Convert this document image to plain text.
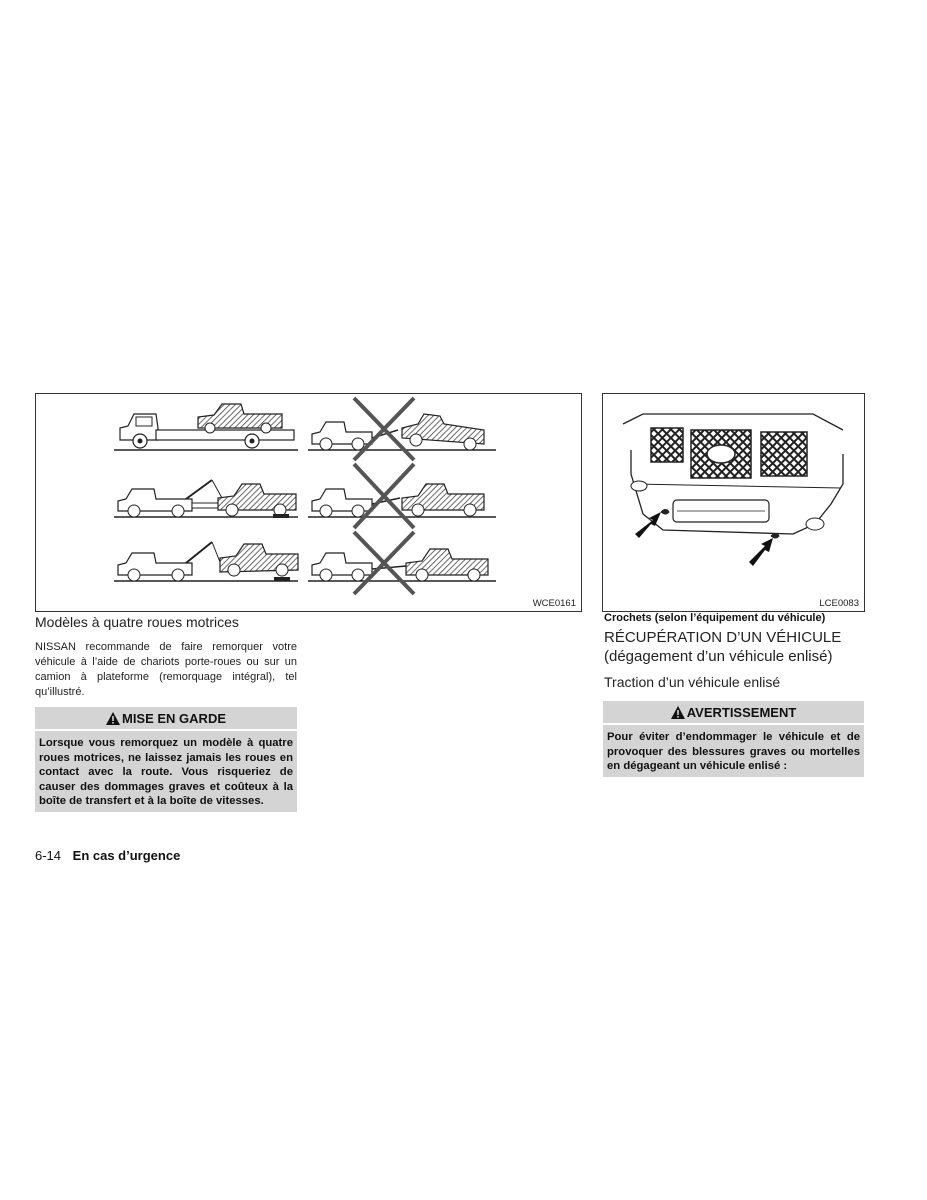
WCE0161	LCE0083
Modèles à quatre roues motrices
NISSAN recommande de faire remorquer votre véhicule à l’aide de chariots porte-roues ou sur un camion à plateforme (remorquage intégral), tel qu’illustré.
MISE EN GARDE
Lorsque vous remorquez un modèle à quatre roues motrices, ne laissez jamais les roues en contact avec la route. Vous risqueriez de causer des dommages graves et coûteux à la boîte de transfert et à la boîte de vitesses.
Crochets (selon l’équipement du véhicule)
RÉCUPÉRATION D’UN VÉHICULE
(dégagement d’un véhicule enlisé)
Traction d’un véhicule enlisé
AVERTISSEMENT
Pour éviter d’endommager le véhicule et de provoquer des blessures graves ou mortelles en dégageant un véhicule enlisé :
6-14 En cas d’urgence
